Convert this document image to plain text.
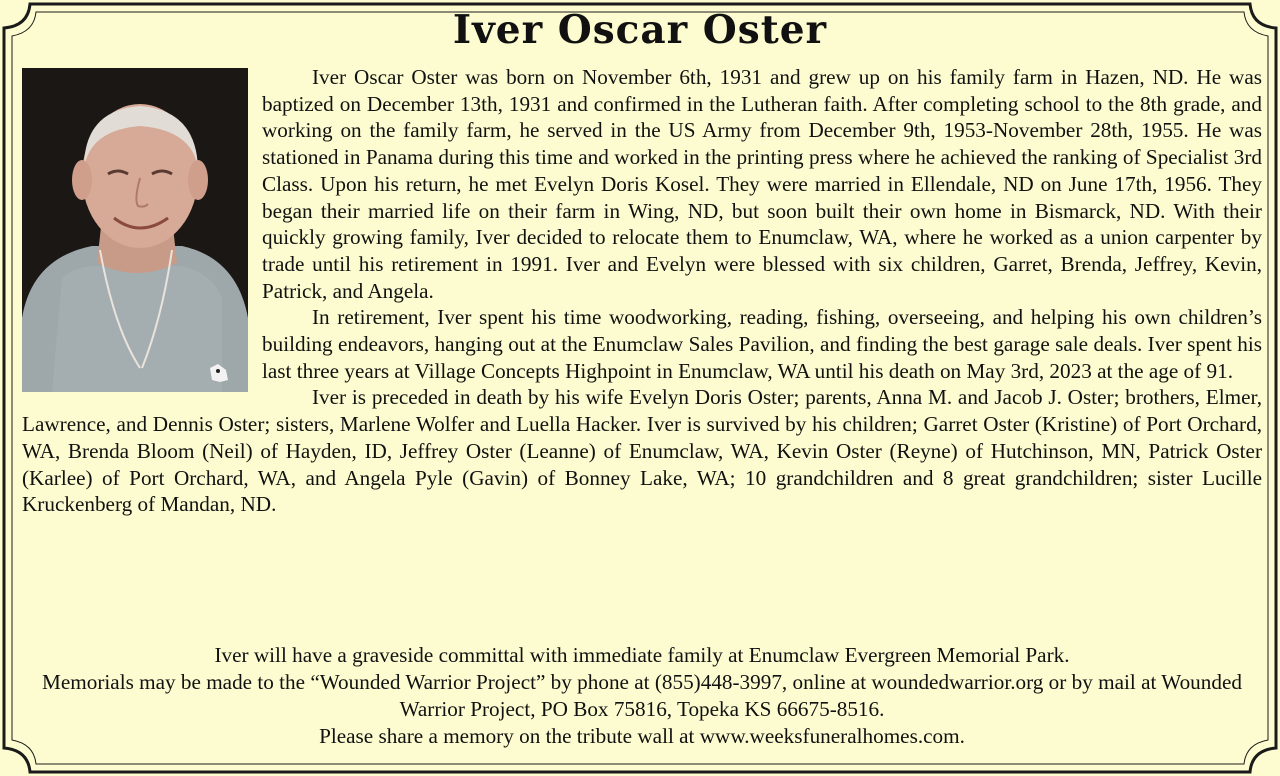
Iver Oscar Oster

Iver Oscar Oster was born on November 6th, 1931 and grew up on his family farm in Hazen, ND. He was baptized on December 13th, 1931 and confirmed in the Lutheran faith. After completing school to the 8th grade, and working on the family farm, he served in the US Army from December 9th, 1953-November 28th, 1955. He was stationed in Panama during this time and worked in the printing press where he achieved the ranking of Specialist 3rd Class. Upon his return, he met Evelyn Doris Kosel. They were married in Ellendale, ND on June 17th, 1956. They began their married life on their farm in Wing, ND, but soon built their own home in Bismarck, ND. With their quickly growing family, Iver decided to relocate them to Enumclaw, WA, where he worked as a union carpenter by trade until his retirement in 1991. Iver and Evelyn were blessed with six children, Garret, Brenda, Jeffrey, Kevin, Patrick, and Angela.

In retirement, Iver spent his time woodworking, reading, fishing, overseeing, and helping his own children’s building endeavors, hanging out at the Enumclaw Sales Pavilion, and finding the best garage sale deals. Iver spent his last three years at Village Concepts Highpoint in Enumclaw, WA until his death on May 3rd, 2023 at the age of 91.

Iver is preceded in death by his wife Evelyn Doris Oster; parents, Anna M. and Jacob J. Oster; brothers, Elmer, Lawrence, and Dennis Oster; sisters, Marlene Wolfer and Luella Hacker. Iver is survived by his children; Garret Oster (Kristine) of Port Orchard, WA, Brenda Bloom (Neil) of Hayden, ID, Jeffrey Oster (Leanne) of Enumclaw, WA, Kevin Oster (Reyne) of Hutchinson, MN, Patrick Oster (Karlee) of Port Orchard, WA, and Angela Pyle (Gavin) of Bonney Lake, WA; 10 grandchildren and 8 great grandchildren; sister Lucille Kruckenberg of Mandan, ND.

Iver will have a graveside committal with immediate family at Enumclaw Evergreen Memorial Park.

Memorials may be made to the “Wounded Warrior Project” by phone at (855)448-3997, online at woundedwarrior.org or by mail at Wounded Warrior Project, PO Box 75816, Topeka KS 66675-8516.

Please share a memory on the tribute wall at www.weeksfuneralhomes.com.
